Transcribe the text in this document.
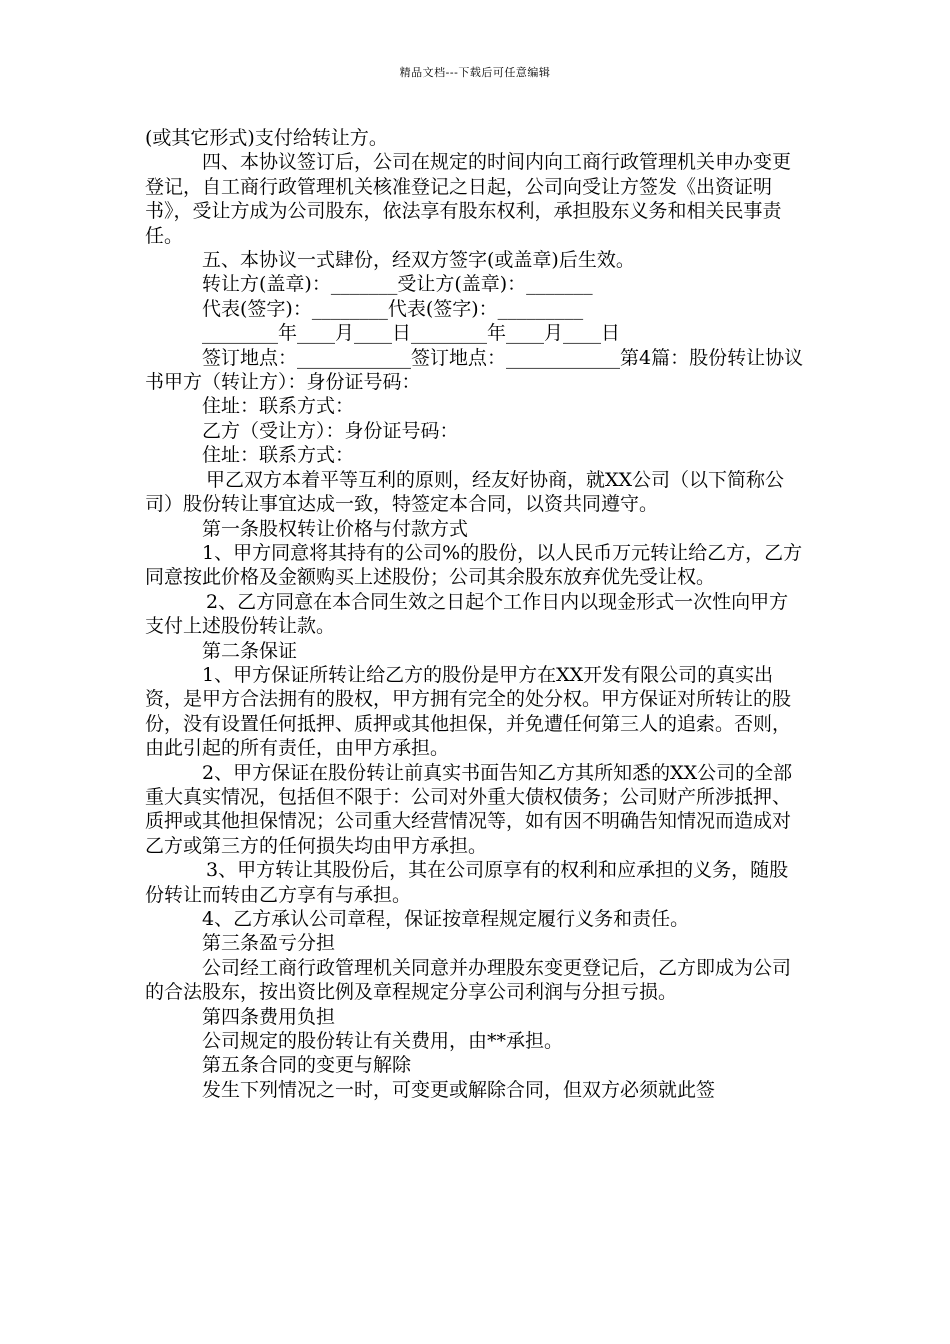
精品文档---下载后可任意编辑

(或其它形式)支付给转让方。

四、本协议签订后，公司在规定的时间内向工商行政管理机关申办变更登记，自工商行政管理机关核准登记之日起，公司向受让方签发《出资证明书》，受让方成为公司股东，依法享有股东权利，承担股东义务和相关民事责任。

五、本协议一式肆份，经双方签字(或盖章)后生效。

转让方(盖章)：_______受让方(盖章)：_______

代表(签字)：________代表(签字)：_________

________年____月____日________年____月____日

签订地点：____________签订地点：____________第4篇：股份转让协议书甲方（转让方）：身份证号码：

住址：联系方式：

乙方（受让方）：身份证号码：

住址：联系方式：

甲乙双方本着平等互利的原则，经友好协商，就XX公司（以下简称公司）股份转让事宜达成一致，特签定本合同，以资共同遵守。

第一条股权转让价格与付款方式

1、甲方同意将其持有的公司%的股份，以人民币万元转让给乙方，乙方同意按此价格及金额购买上述股份；公司其余股东放弃优先受让权。

2、乙方同意在本合同生效之日起个工作日内以现金形式一次性向甲方支付上述股份转让款。

第二条保证

1、甲方保证所转让给乙方的股份是甲方在XX开发有限公司的真实出资，是甲方合法拥有的股权，甲方拥有完全的处分权。甲方保证对所转让的股份，没有设置任何抵押、质押或其他担保，并免遭任何第三人的追索。否则，由此引起的所有责任，由甲方承担。

2、甲方保证在股份转让前真实书面告知乙方其所知悉的XX公司的全部重大真实情况，包括但不限于：公司对外重大债权债务；公司财产所涉抵押、质押或其他担保情况；公司重大经营情况等，如有因不明确告知情况而造成对乙方或第三方的任何损失均由甲方承担。

3、甲方转让其股份后，其在公司原享有的权利和应承担的义务，随股份转让而转由乙方享有与承担。

4、乙方承认公司章程，保证按章程规定履行义务和责任。

第三条盈亏分担

公司经工商行政管理机关同意并办理股东变更登记后，乙方即成为公司的合法股东，按出资比例及章程规定分享公司利润与分担亏损。

第四条费用负担

公司规定的股份转让有关费用，由**承担。

第五条合同的变更与解除

发生下列情况之一时，可变更或解除合同，但双方必须就此签
